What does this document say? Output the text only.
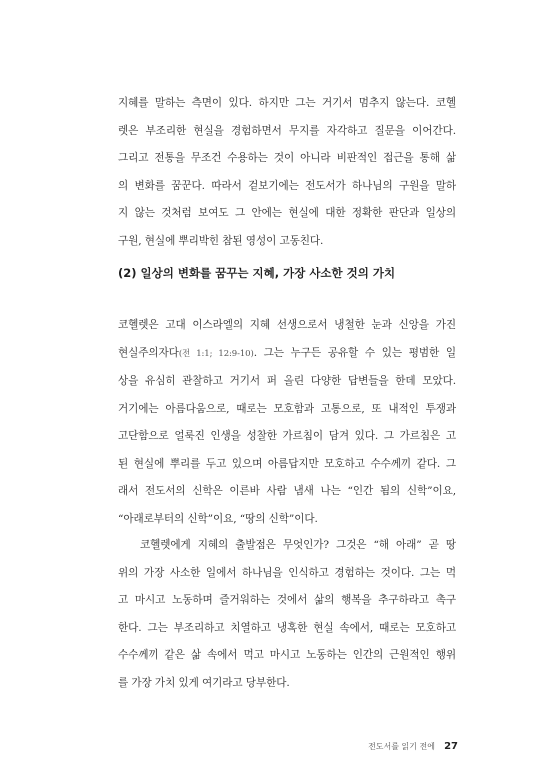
지혜를 말하는 측면이 있다. 하지만 그는 거기서 멈추지 않는다. 코헬
렛은 부조리한 현실을 경험하면서 무지를 자각하고 질문을 이어간다.
그리고 전통을 무조건 수용하는 것이 아니라 비판적인 접근을 통해 삶
의 변화를 꿈꾼다. 따라서 겉보기에는 전도서가 하나님의 구원을 말하
지 않는 것처럼 보여도 그 안에는 현실에 대한 정확한 판단과 일상의
구원, 현실에 뿌리박힌 참된 영성이 고동친다.
(2) 일상의 변화를 꿈꾸는 지혜, 가장 사소한 것의 가치
코헬렛은 고대 이스라엘의 지혜 선생으로서 냉철한 눈과 신앙을 가진
현실주의자다(전 1:1; 12:9-10). 그는 누구든 공유할 수 있는 평범한 일
상을 유심히 관찰하고 거기서 퍼 올린 다양한 답변들을 한데 모았다.
거기에는 아름다움으로, 때로는 모호함과 고통으로, 또 내적인 투쟁과
고단함으로 얼룩진 인생을 성찰한 가르침이 담겨 있다. 그 가르침은 고
된 현실에 뿌리를 두고 있으며 아름답지만 모호하고 수수께끼 같다. 그
래서 전도서의 신학은 이른바 사람 냄새 나는 “인간 됨의 신학”이요,
“아래로부터의 신학”이요, “땅의 신학”이다.
코헬렛에게 지혜의 출발점은 무엇인가? 그것은 “해 아래” 곧 땅
위의 가장 사소한 일에서 하나님을 인식하고 경험하는 것이다. 그는 먹
고 마시고 노동하며 즐거워하는 것에서 삶의 행복을 추구하라고 촉구
한다. 그는 부조리하고 치열하고 냉혹한 현실 속에서, 때로는 모호하고
수수께끼 같은 삶 속에서 먹고 마시고 노동하는 인간의 근원적인 행위
를 가장 가치 있게 여기라고 당부한다.
전도서를 읽기 전에 27
